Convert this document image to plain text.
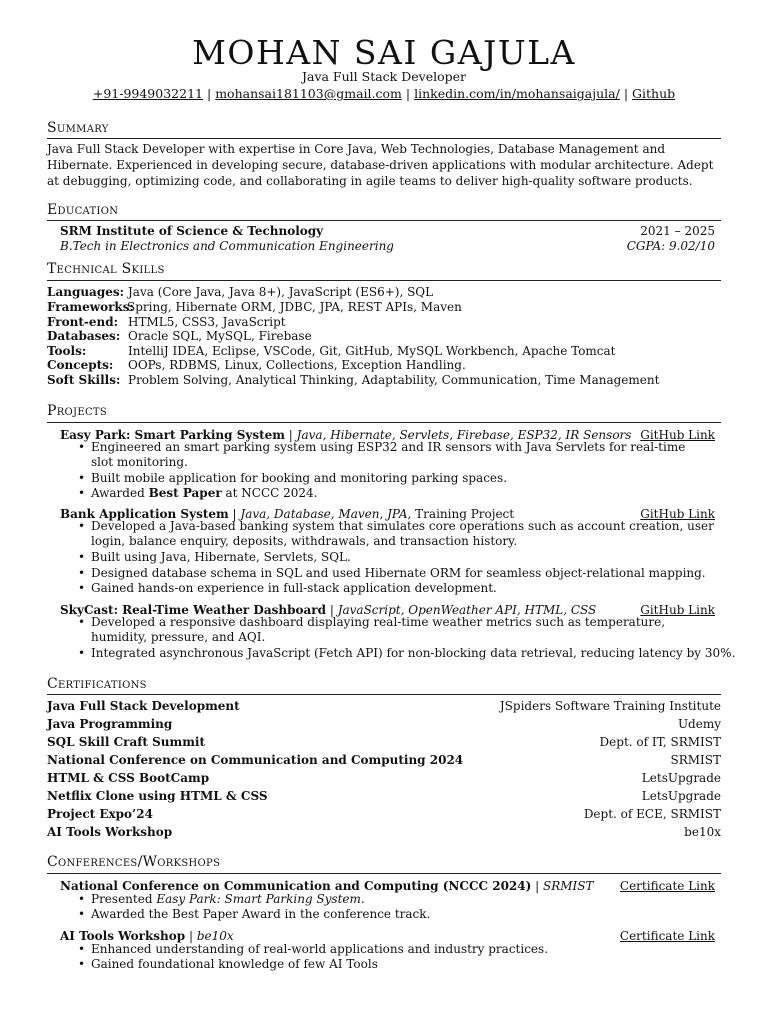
MOHAN SAI GAJULA
Java Full Stack Developer
+91-9949032211 | mohansai181103@gmail.com | linkedin.com/in/mohansaigajula/ | Github
Summary
Java Full Stack Developer with expertise in Core Java, Web Technologies, Database Management and Hibernate. Experienced in developing secure, database-driven applications with modular architecture. Adept at debugging, optimizing code, and collaborating in agile teams to deliver high-quality software products.
Education
SRM Institute of Science & Technology	2021 – 2025
B.Tech in Electronics and Communication Engineering	CGPA: 9.02/10
Technical Skills
Languages: Java (Core Java, Java 8+), JavaScript (ES6+), SQL
Frameworks:
Spring, Hibernate ORM, JDBC, JPA, REST APIs, Maven
Front-end: HTML5, CSS3, JavaScript
Databases: Oracle SQL, MySQL, Firebase
Tools:	IntelliJ IDEA, Eclipse, VSCode, Git, GitHub, MySQL Workbench, Apache Tomcat
Concepts: OOPs, RDBMS, Linux, Collections, Exception Handling.
Soft Skills: Problem Solving, Analytical Thinking, Adaptability, Communication, Time Management
Projects
Easy Park: Smart Parking System | Java, Hibernate, Servlets, Firebase, ESP32, IR Sensors GitHub Link
• Engineered an smart parking system using ESP32 and IR sensors with Java Servlets for real-time slot monitoring.
• Built mobile application for booking and monitoring parking spaces.
• Awarded Best Paper at NCCC 2024.
Bank Application System | Java, Database, Maven, JPA, Training Project	GitHub Link
• Developed a Java-based banking system that simulates core operations such as account creation, user login, balance enquiry, deposits, withdrawals, and transaction history.
• Built using Java, Hibernate, Servlets, SQL.
• Designed database schema in SQL and used Hibernate ORM for seamless object-relational mapping.
• Gained hands-on experience in full-stack application development.
SkyCast: Real-Time Weather Dashboard | JavaScript, OpenWeather API, HTML, CSS	GitHub Link
• Developed a responsive dashboard displaying real-time weather metrics such as temperature, humidity, pressure, and AQI.
• Integrated asynchronous JavaScript (Fetch API) for non-blocking data retrieval, reducing latency by 30%.
Certifications
Java Full Stack Development	JSpiders Software Training Institute
Java Programming	Udemy
SQL Skill Craft Summit	Dept. of IT, SRMIST
National Conference on Communication and Computing 2024	SRMIST
HTML & CSS BootCamp	LetsUpgrade
Netflix Clone using HTML & CSS	LetsUpgrade
Project Expo’24	Dept. of ECE, SRMIST
AI Tools Workshop	be10x
Conferences/Workshops
National Conference on Communication and Computing (NCCC 2024) | SRMIST Certificate Link
• Presented Easy Park: Smart Parking System.
• Awarded the Best Paper Award in the conference track.
AI Tools Workshop | be10x	Certificate Link
• Enhanced understanding of real-world applications and industry practices.
• Gained foundational knowledge of few AI Tools
